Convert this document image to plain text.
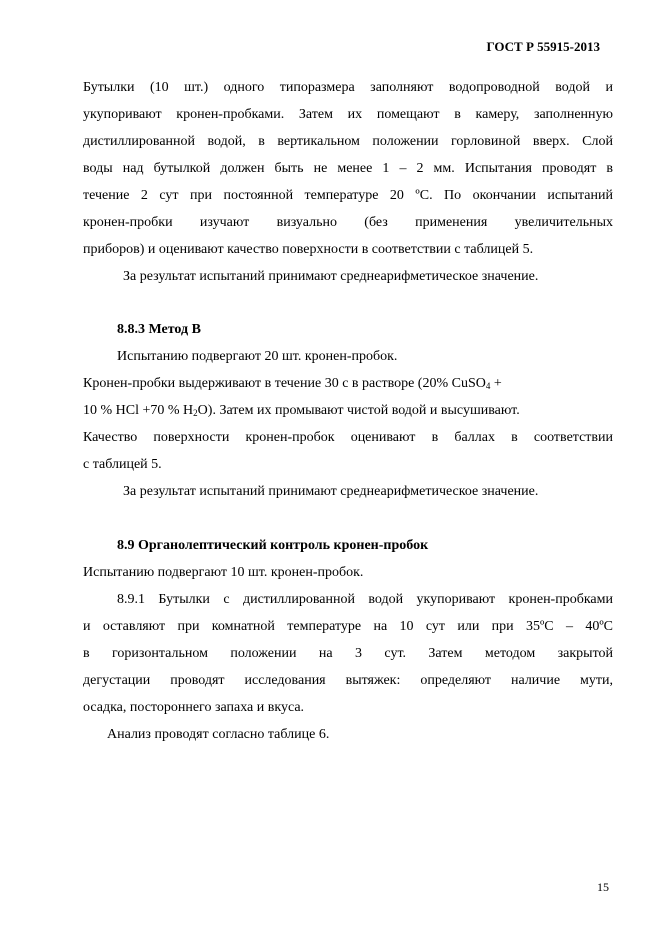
ГОСТ Р 55915-2013
Бутылки (10 шт.) одного типоразмера заполняют водопроводной водой и
укупоривают кронен-пробками. Затем их помещают в камеру, заполненную
дистиллированной водой, в вертикальном положении горловиной вверх. Слой
воды над бутылкой должен быть не менее 1 – 2 мм. Испытания проводят в
течение 2 сут при постоянной температуре 20 ºС. По окончании испытаний
кронен-пробки изучают визуально (без применения увеличительных
приборов) и оценивают качество поверхности в соответствии с таблицей 5.
За результат испытаний принимают среднеарифметическое значение.
8.8.3 Метод В
Испытанию подвергают 20 шт. кронен-пробок.
Кронен-пробки выдерживают в течение 30 с в растворе (20% CuSO$_4$ +
10 % HCl +70 % $H_2O$). Затем их промывают чистой водой и высушивают.
Качество поверхности кронен-пробок оценивают в баллах в соответствии
с таблицей 5.
За результат испытаний принимают среднеарифметическое значение.
8.9 Органолептический контроль кронен-пробок
Испытанию подвергают 10 шт. кронен-пробок.
8.9.1 Бутылки с дистиллированной водой укупоривают кронен-пробками
и оставляют при комнатной температуре на 10 сут или при 35ºС – 40ºС
в горизонтальном положении на 3 сут. Затем методом закрытой
дегустации проводят исследования вытяжек: определяют наличие мути,
осадка, постороннего запаха и вкуса.
Анализ проводят согласно таблице 6.
15
